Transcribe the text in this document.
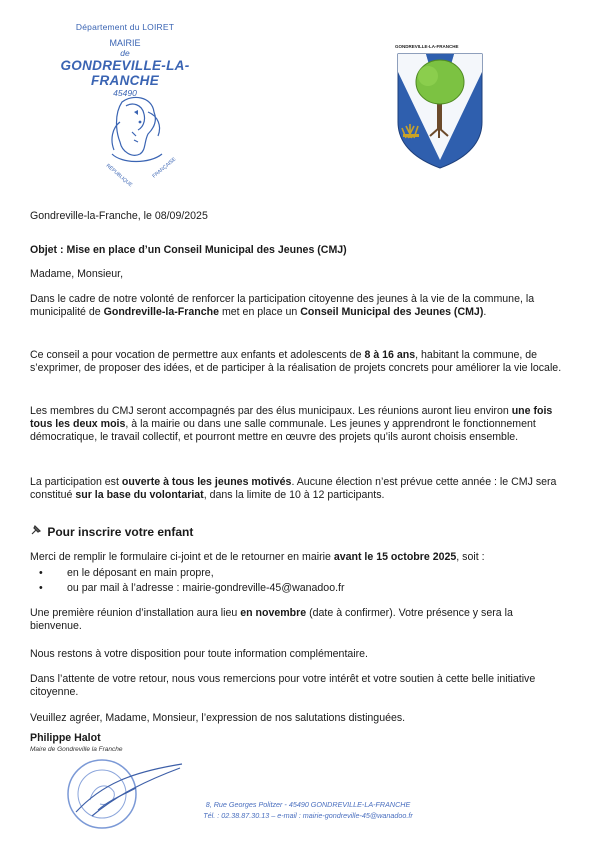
Département du LOIRET
MAIRIE
de
GONDREVILLE-LA-FRANCHE
45490
RÉPUBLIQUE	FRANÇAISE
GONDREVILLE-LA-FRANCHE
Gondreville-la-Franche, le 08/09/2025
Objet : Mise en place d’un Conseil Municipal des Jeunes (CMJ)
Madame, Monsieur,

Dans le cadre de notre volonté de renforcer la participation citoyenne des jeunes à la vie de la commune, la municipalité de Gondreville-la-Franche met en place un Conseil Municipal des Jeunes (CMJ).

Ce conseil a pour vocation de permettre aux enfants et adolescents de 8 à 16 ans, habitant la commune, de s’exprimer, de proposer des idées, et de participer à la réalisation de projets concrets pour améliorer la vie locale.

Les membres du CMJ seront accompagnés par des élus municipaux. Les réunions auront lieu environ une fois tous les deux mois, à la mairie ou dans une salle communale. Les jeunes y apprendront le fonctionnement démocratique, le travail collectif, et pourront mettre en œuvre des projets qu’ils auront choisis ensemble.

La participation est ouverte à tous les jeunes motivés. Aucune élection n’est prévue cette année : le CMJ sera constitué sur la base du volontariat, dans la limite de 10 à 12 participants.

Pour inscrire votre enfant

Merci de remplir le formulaire ci-joint et de le retourner en mairie avant le 15 octobre 2025, soit :

• en le déposant en main propre,
• ou par mail à l’adresse : mairie-gondreville-45@wanadoo.fr

Une première réunion d’installation aura lieu en novembre (date à confirmer). Votre présence y sera la bienvenue.

Nous restons à votre disposition pour toute information complémentaire.

Dans l’attente de votre retour, nous vous remercions pour votre intérêt et votre soutien à cette belle initiative citoyenne.

Veuillez agréer, Madame, Monsieur, l’expression de nos salutations distinguées.

Philippe Halot
Maire de Gondreville la Franche
8, Rue Georges Politzer - 45490 GONDREVILLE-LA-FRANCHE
Tél. : 02.38.87.30.13 – e-mail : mairie-gondreville-45@wanadoo.fr
